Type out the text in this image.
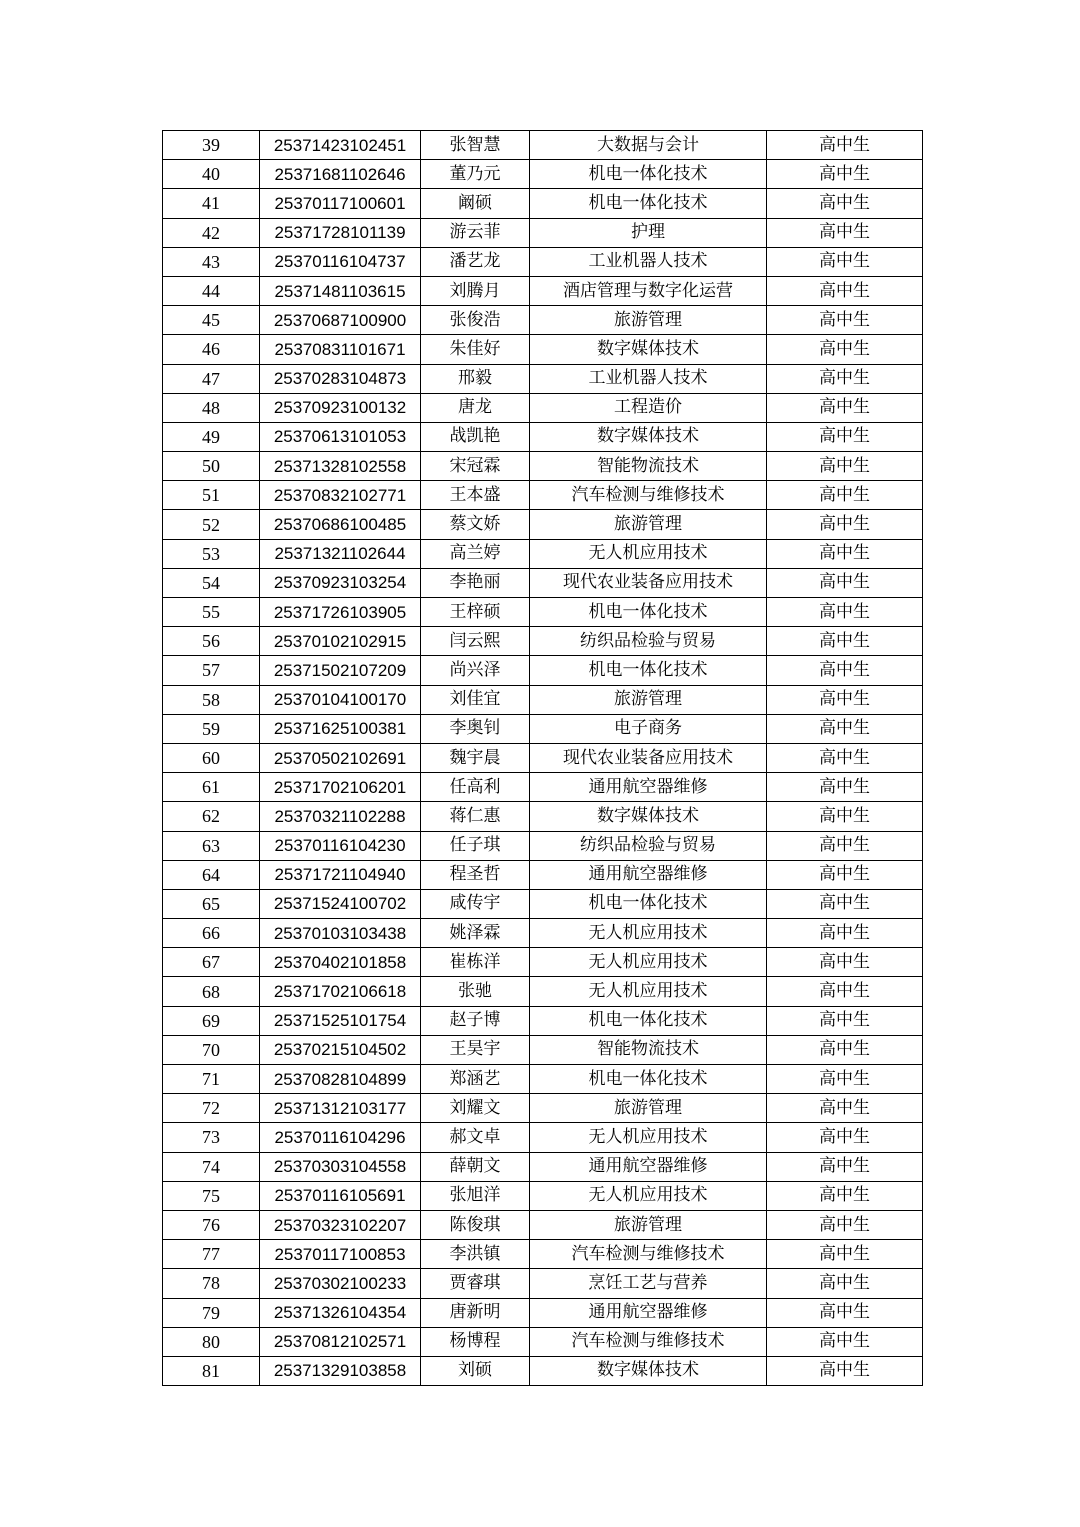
39	25371423102451	张智慧	大数据与会计	高中生
40	25371681102646	董乃元	机电一体化技术	高中生
41	25370117100601	阚硕	机电一体化技术	高中生
42	25371728101139	游云菲	护理	高中生
43	25370116104737	潘艺龙	工业机器人技术	高中生
44	25371481103615	刘腾月	酒店管理与数字化运营	高中生
45	25370687100900	张俊浩	旅游管理	高中生
46	25370831101671	朱佳好	数字媒体技术	高中生
47	25370283104873	邢毅	工业机器人技术	高中生
48	25370923100132	唐龙	工程造价	高中生
49	25370613101053	战凯艳	数字媒体技术	高中生
50	25371328102558	宋冠霖	智能物流技术	高中生
51	25370832102771	王本盛	汽车检测与维修技术	高中生
52	25370686100485	蔡文娇	旅游管理	高中生
53	25371321102644	高兰婷	无人机应用技术	高中生
54	25370923103254	李艳丽	现代农业装备应用技术	高中生
55	25371726103905	王梓硕	机电一体化技术	高中生
56	25370102102915	闫云熙	纺织品检验与贸易	高中生
57	25371502107209	尚兴泽	机电一体化技术	高中生
58	25370104100170	刘佳宜	旅游管理	高中生
59	25371625100381	李奥钊	电子商务	高中生
60	25370502102691	魏宇晨	现代农业装备应用技术	高中生
61	25371702106201	任高利	通用航空器维修	高中生
62	25370321102288	蒋仁惠	数字媒体技术	高中生
63	25370116104230	任子琪	纺织品检验与贸易	高中生
64	25371721104940	程圣哲	通用航空器维修	高中生
65	25371524100702	咸传宇	机电一体化技术	高中生
66	25370103103438	姚泽霖	无人机应用技术	高中生
67	25370402101858	崔栋洋	无人机应用技术	高中生
68	25371702106618	张驰	无人机应用技术	高中生
69	25371525101754	赵子博	机电一体化技术	高中生
70	25370215104502	王昊宇	智能物流技术	高中生
71	25370828104899	郑涵艺	机电一体化技术	高中生
72	25371312103177	刘耀文	旅游管理	高中生
73	25370116104296	郝文卓	无人机应用技术	高中生
74	25370303104558	薛朝文	通用航空器维修	高中生
75	25370116105691	张旭洋	无人机应用技术	高中生
76	25370323102207	陈俊琪	旅游管理	高中生
77	25370117100853	李洪镇	汽车检测与维修技术	高中生
78	25370302100233	贾睿琪	烹饪工艺与营养	高中生
79	25371326104354	唐新明	通用航空器维修	高中生
80	25370812102571	杨博程	汽车检测与维修技术	高中生
81	25371329103858	刘硕	数字媒体技术	高中生
